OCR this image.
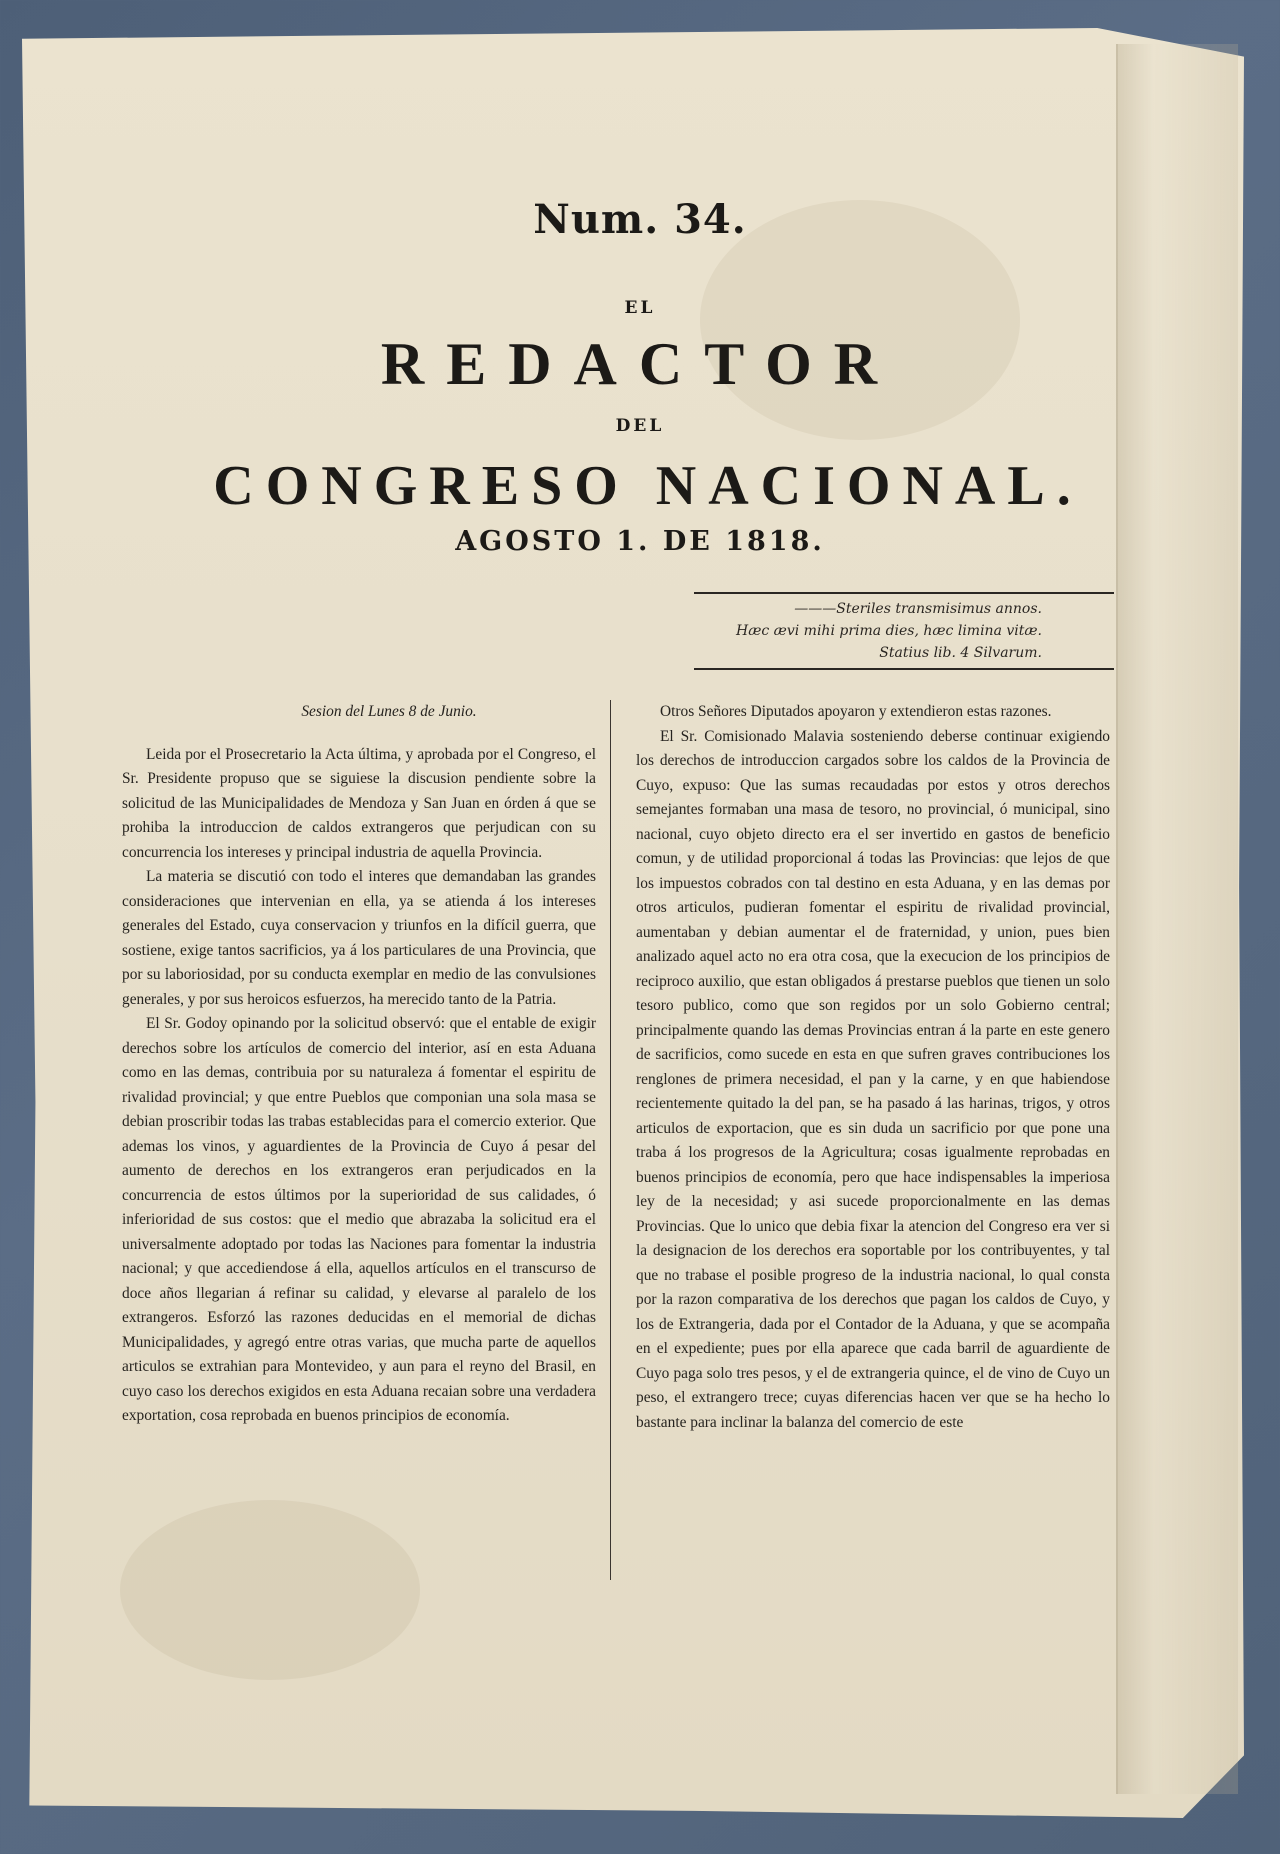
Num. 34.
EL
REDACTOR
DEL
CONGRESO NACIONAL.
AGOSTO 1. DE 1818.
———Steriles transmisimus annos.
Hæc ævi mihi prima dies, hæc limina vitæ.
Statius lib. 4 Silvarum.

Sesion del Lunes 8 de Junio.

Leida por el Prosecretario la Acta última, y aprobada por el Congreso, el Sr. Presidente propuso que se siguiese la discusion pendiente sobre la solicitud de las Municipalidades de Mendoza y San Juan en órden á que se prohiba la introduccion de caldos extrangeros que perjudican con su concurrencia los intereses y principal industria de aquella Provincia.

La materia se discutió con todo el interes que demandaban las grandes consideraciones que intervenian en ella, ya se atienda á los intereses generales del Estado, cuya conservacion y triunfos en la difícil guerra, que sostiene, exige tantos sacrificios, ya á los particulares de una Provincia, que por su laboriosidad, por su conducta exemplar en medio de las convulsiones generales, y por sus heroicos esfuerzos, ha merecido tanto de la Patria.

El Sr. Godoy opinando por la solicitud observó: que el entable de exigir derechos sobre los artículos de comercio del interior, así en esta Aduana como en las demas, contribuia por su naturaleza á fomentar el espiritu de rivalidad provincial; y que entre Pueblos que componian una sola masa se debian proscribir todas las trabas establecidas para el comercio exterior. Que ademas los vinos, y aguardientes de la Provincia de Cuyo á pesar del aumento de derechos en los extrangeros eran perjudicados en la concurrencia de estos últimos por la superioridad de sus calidades, ó inferioridad de sus costos: que el medio que abrazaba la solicitud era el universalmente adoptado por todas las Naciones para fomentar la industria nacional; y que accediendose á ella, aquellos artículos en el transcurso de doce años llegarian á refinar su calidad, y elevarse al paralelo de los extrangeros. Esforzó las razones deducidas en el memorial de dichas Municipalidades, y agregó entre otras varias, que mucha parte de aquellos articulos se extrahian para Montevideo, y aun para el reyno del Brasil, en cuyo caso los derechos exigidos en esta Aduana recaian sobre una verdadera exportation, cosa reprobada en buenos principios de economía.

Otros Señores Diputados apoyaron y extendieron estas razones.

El Sr. Comisionado Malavia sosteniendo deberse continuar exigiendo los derechos de introduccion cargados sobre los caldos de la Provincia de Cuyo, expuso: Que las sumas recaudadas por estos y otros derechos semejantes formaban una masa de tesoro, no provincial, ó municipal, sino nacional, cuyo objeto directo era el ser invertido en gastos de beneficio comun, y de utilidad proporcional á todas las Provincias: que lejos de que los impuestos cobrados con tal destino en esta Aduana, y en las demas por otros articulos, pudieran fomentar el espiritu de rivalidad provincial, aumentaban y debian aumentar el de fraternidad, y union, pues bien analizado aquel acto no era otra cosa, que la execucion de los principios de reciproco auxilio, que estan obligados á prestarse pueblos que tienen un solo tesoro publico, como que son regidos por un solo Gobierno central; principalmente quando las demas Provincias entran á la parte en este genero de sacrificios, como sucede en esta en que sufren graves contribuciones los renglones de primera necesidad, el pan y la carne, y en que habiendose recientemente quitado la del pan, se ha pasado á las harinas, trigos, y otros articulos de exportacion, que es sin duda un sacrificio por que pone una traba á los progresos de la Agricultura; cosas igualmente reprobadas en buenos principios de economía, pero que hace indispensables la imperiosa ley de la necesidad; y asi sucede proporcionalmente en las demas Provincias. Que lo unico que debia fixar la atencion del Congreso era ver si la designacion de los derechos era soportable por los contribuyentes, y tal que no trabase el posible progreso de la industria nacional, lo qual consta por la razon comparativa de los derechos que pagan los caldos de Cuyo, y los de Extrangeria, dada por el Contador de la Aduana, y que se acompaña en el expediente; pues por ella aparece que cada barril de aguardiente de Cuyo paga solo tres pesos, y el de extrangeria quince, el de vino de Cuyo un peso, el extrangero trece; cuyas diferencias hacen ver que se ha hecho lo bastante para inclinar la balanza del comercio de este
